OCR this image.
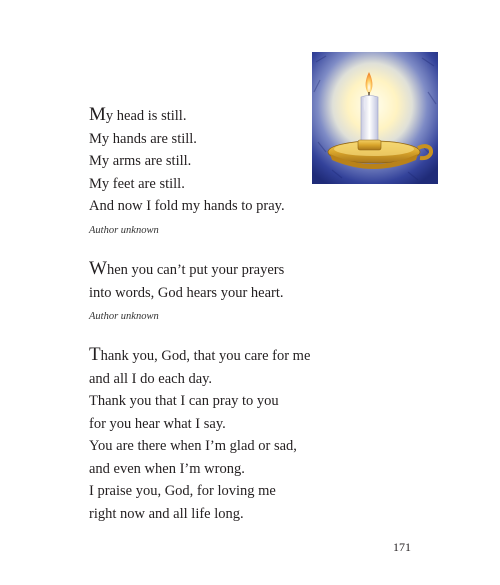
My head is still.
My hands are still.
My arms are still.
My feet are still.
And now I fold my hands to pray.
Author unknown
When you can’t put your prayers
into words, God hears your heart.
Author unknown
Thank you, God, that you care for me
and all I do each day.
Thank you that I can pray to you
for you hear what I say.
You are there when I’m glad or sad,
and even when I’m wrong.
I praise you, God, for loving me
right now and all life long.
171
